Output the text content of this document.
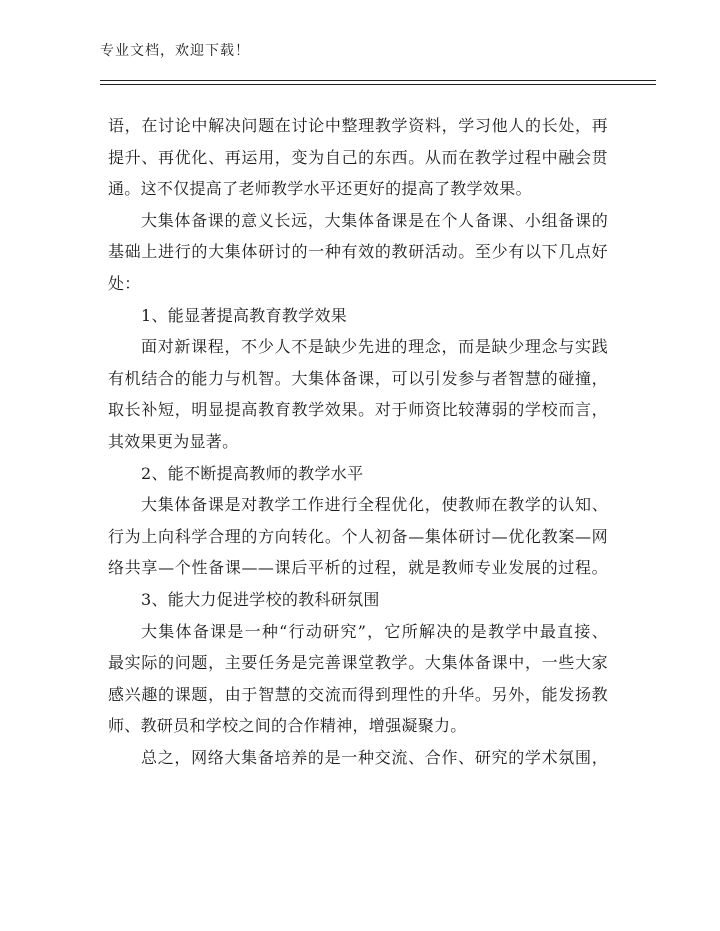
专业文档，欢迎下载！
语，在讨论中解决问题在讨论中整理教学资料，学习他人的长处，再
提升、再优化、再运用，变为自己的东西。从而在教学过程中融会贯
通。这不仅提高了老师教学水平还更好的提高了教学效果。
大集体备课的意义长远，大集体备课是在个人备课、小组备课的
基础上进行的大集体研讨的一种有效的教研活动。至少有以下几点好
处：
1、能显著提高教育教学效果
面对新课程，不少人不是缺少先进的理念，而是缺少理念与实践
有机结合的能力与机智。大集体备课，可以引发参与者智慧的碰撞，
取长补短，明显提高教育教学效果。对于师资比较薄弱的学校而言，
其效果更为显著。
2、能不断提高教师的教学水平
大集体备课是对教学工作进行全程优化，使教师在教学的认知、
行为上向科学合理的方向转化。个人初备—集体研讨—优化教案—网
络共享—个性备课——课后平析的过程，就是教师专业发展的过程。
3、能大力促进学校的教科研氛围
大集体备课是一种“行动研究”，它所解决的是教学中最直接、
最实际的问题，主要任务是完善课堂教学。大集体备课中，一些大家
感兴趣的课题，由于智慧的交流而得到理性的升华。另外，能发扬教
师、教研员和学校之间的合作精神，增强凝聚力。
总之，网络大集备培养的是一种交流、合作、研究的学术氛围，
